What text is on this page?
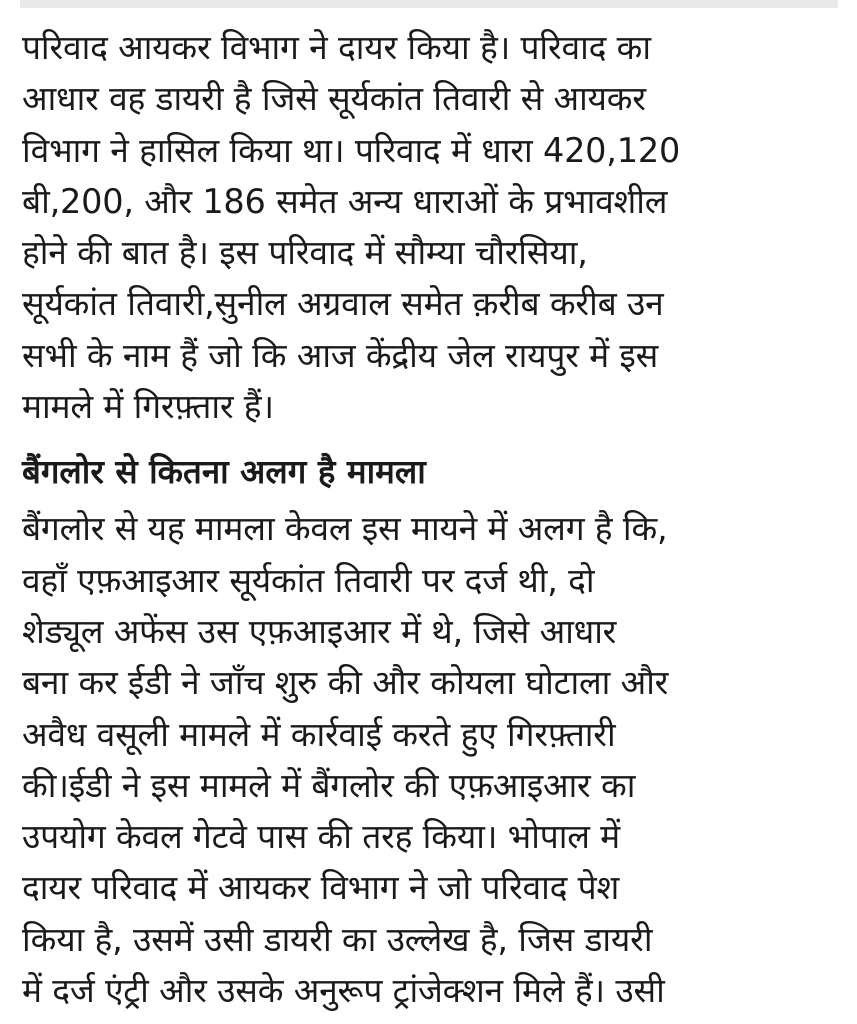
परिवाद आयकर विभाग ने दायर किया है। परिवाद का
आधार वह डायरी है जिसे सूर्यकांत तिवारी से आयकर
विभाग ने हासिल किया था। परिवाद में धारा 420,120
बी,200, और 186 समेत अन्य धाराओं के प्रभावशील
होने की बात है। इस परिवाद में सौम्या चौरसिया,
सूर्यकांत तिवारी,सुनील अग्रवाल समेत क़रीब करीब उन
सभी के नाम हैं जो कि आज केंद्रीय जेल रायपुर में इस
मामले में गिरफ़्तार हैं।

बैंगलोर से कितना अलग है मामला

बैंगलोर से यह मामला केवल इस मायने में अलग है कि,
वहाँ एफ़आइआर सूर्यकांत तिवारी पर दर्ज थी, दो
शेड्यूल अफेंस उस एफ़आइआर में थे, जिसे आधार
बना कर ईडी ने जाँच शुरु की और कोयला घोटाला और
अवैध वसूली मामले में कार्रवाई करते हुए गिरफ़्तारी
की।ईडी ने इस मामले में बैंगलोर की एफ़आइआर का
उपयोग केवल गेटवे पास की तरह किया। भोपाल में
दायर परिवाद में आयकर विभाग ने जो परिवाद पेश
किया है, उसमें उसी डायरी का उल्लेख है, जिस डायरी
में दर्ज एंट्री और उसके अनुरूप ट्रांजेक्शन मिले हैं। उसी
